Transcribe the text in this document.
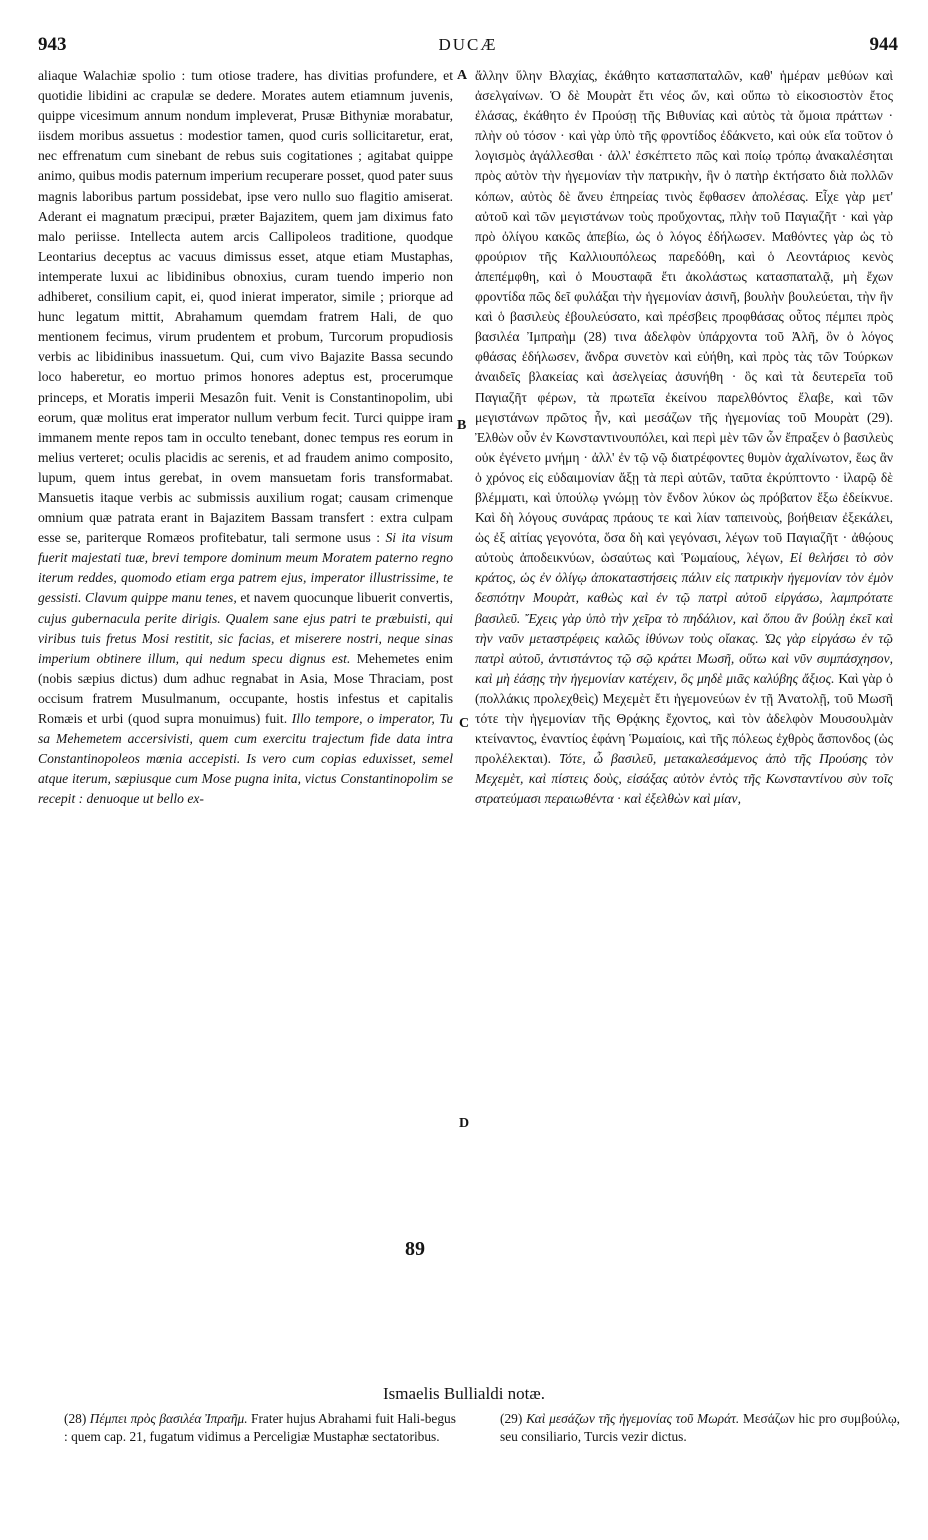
943	DUCÆ	944

aliaque Walachiæ spolio : tum otiose tradere, has divitias profundere, et quotidie libidini ac crapulæ se dedere. Morates autem etiamnum juvenis, quippe vicesimum annum nondum impleverat, Prusæ Bithyniæ morabatur, iisdem moribus assuetus : modestior tamen, quod curis sollicitaretur, erat, nec effrenatum cum sinebant de rebus suis cogitationes ; agitabat quippe animo, quibus modis paternum imperium recuperare posset, quod pater suus magnis laboribus partum possidebat, ipse vero nullo suo flagitio amiserat. Aderant ei magnatum præcipui, præter Bajazitem, quem jam diximus fato malo periisse. Intellecta autem arcis Callipoleos traditione, quodque Leontarius deceptus ac vacuus dimissus esset, atque etiam Mustaphas, intemperate luxui ac libidinibus obnoxius, curam tuendo imperio non adhiberet, consilium capit, ei, quod inierat imperator, simile ; priorque ad hunc legatum mittit, Abrahamum quemdam fratrem Hali, de quo mentionem fecimus, virum prudentem et probum, Turcorum propudiosis verbis ac libidinibus inassuetum. Qui, cum vivo Bajazite Bassa secundo loco haberetur, eo mortuo primos honores adeptus est, procerumque princeps, et Moratis imperii Mesazôn fuit. Venit is Constantinopolim, ubi eorum, quæ molitus erat imperator nullum verbum fecit. Turci quippe iram immanem mente repos tam in occulto tenebant, donec tempus res eorum in melius verteret; oculis placidis ac serenis, et ad fraudem animo composito, lupum, quem intus gerebat, in ovem mansuetam foris transformabat. Mansuetis itaque verbis ac submissis auxilium rogat; causam crimenque omnium quæ patrata erant in Bajazitem Bassam transfert : extra culpam esse se, pariterque Romæos profitebatur, tali sermone usus : Si ita visum fuerit majestati tuæ, brevi tempore dominum meum Moratem paterno regno iterum reddes, quomodo etiam erga patrem ejus, imperator illustrissime, te gessisti. Clavum quippe manu tenes, et navem quocunque libuerit convertis, cujus gubernacula perite dirigis. Qualem sane ejus patri te præbuisti, qui viribus tuis fretus Mosi restitit, sic facias, et miserere nostri, neque sinas imperium obtinere illum, qui nedum specu dignus est. Mehemetes enim (nobis sæpius dictus) dum adhuc regnabat in Asia, Mose Thraciam, post occisum fratrem Musulmanum, occupante, hostis infestus et capitalis Romæis et urbi (quod supra monuimus) fuit. Illo tempore, o imperator, Tu sa Mehemetem accersivisti, quem cum exercitu trajectum fide data intra Constantinopoleos mœnia accepisti. Is vero cum copias eduxisset, semel atque iterum, sæpiusque cum Mose pugna inita, victus Constantinopolim se recepit : denuoque ut bello ex-

A
B
C
D
89

ἄλλην ὕλην Βλαχίας, ἐκάθητο κατασπαταλῶν, καθ' ἡμέραν μεθύων καὶ ἀσελγαίνων. Ὁ δὲ Μουρὰτ ἔτι νέος ὤν, καὶ οὔπω τὸ εἰκοσιοστὸν ἔτος ἐλάσας, ἐκάθητο ἐν Προύσῃ τῆς Βιθυνίας καὶ αὐτὸς τὰ ὅμοια πράττων · πλὴν οὐ τόσον · καὶ γὰρ ὑπὸ τῆς φροντίδος ἐδάκνετο, καὶ οὐκ εἴα τοῦτον ὁ λογισμὸς ἀγάλλεσθαι · ἀλλ' ἐσκέπτετο πῶς καὶ ποίῳ τρόπῳ ἀνακαλέσηται πρὸς αὐτὸν τὴν ἡγεμονίαν τὴν πατρικὴν, ἣν ὁ πατὴρ ἐκτήσατο διὰ πολλῶν κόπων, αὐτὸς δὲ ἄνευ ἐπηρείας τινὸς ἔφθασεν ἀπολέσας. Εἶχε γὰρ μετ' αὐτοῦ καὶ τῶν μεγιστάνων τοὺς προὔχοντας, πλὴν τοῦ Παγιαζῆτ · καὶ γὰρ πρὸ ὀλίγου κακῶς ἀπεβίω, ὡς ὁ λόγος ἐδήλωσεν. Μαθόντες γὰρ ὡς τὸ φρούριον τῆς Καλλιουπόλεως παρεδόθη, καὶ ὁ Λεοντάριος κενὸς ἀπεπέμφθη, καὶ ὁ Μουσταφᾶ ἔτι ἀκολάστως κατασπαταλᾷ, μὴ ἔχων φροντίδα πῶς δεῖ φυλάξαι τὴν ἡγεμονίαν ἀσινῆ, βουλὴν βουλεύεται, τὴν ἣν καὶ ὁ βασιλεὺς ἐβουλεύσατο, καὶ πρέσβεις προφθάσας οὗτος πέμπει πρὸς βασιλέα Ἰμπραὴμ (28) τινα ἀδελφὸν ὑπάρχοντα τοῦ Ἀλῆ, ὃν ὁ λόγος φθάσας ἐδήλωσεν, ἄνδρα συνετὸν καὶ εὐήθη, καὶ πρὸς τὰς τῶν Τούρκων ἀναιδεῖς βλακείας καὶ ἀσελγείας ἀσυνήθη · ὃς καὶ τὰ δευτερεῖα τοῦ Παγιαζῆτ φέρων, τὰ πρωτεῖα ἐκείνου παρελθόντος ἔλαβε, καὶ τῶν μεγιστάνων πρῶτος ἦν, καὶ μεσάζων τῆς ἡγεμονίας τοῦ Μουρὰτ (29). Ἐλθὼν οὖν ἐν Κωνσταντινουπόλει, καὶ περὶ μὲν τῶν ὧν ἔπραξεν ὁ βασιλεὺς οὐκ ἐγένετο μνήμη · ἀλλ' ἐν τῷ νῷ διατρέφοντες θυμὸν ἀχαλίνωτον, ἕως ἂν ὁ χρόνος εἰς εὐδαιμονίαν ἄξῃ τὰ περὶ αὐτῶν, ταῦτα ἐκρύπτοντο · ἱλαρῷ δὲ βλέμματι, καὶ ὑπούλῳ γνώμῃ τὸν ἔνδον λύκον ὡς πρόβατον ἔξω ἐδείκνυε. Καὶ δὴ λόγους συνάρας πράους τε καὶ λίαν ταπεινοὺς, βοήθειαν ἐξεκάλει, ὡς ἐξ αἰτίας γεγονότα, ὅσα δὴ καὶ γεγόνασι, λέγων τοῦ Παγιαζῆτ · ἀθῴους αὐτοὺς ἀποδεικνύων, ὡσαύτως καὶ Ῥωμαίους, λέγων, Εἰ θελήσει τὸ σὸν κράτος, ὡς ἐν ὀλίγῳ ἀποκαταστήσεις πάλιν εἰς πατρικὴν ἡγεμονίαν τὸν ἐμὸν δεσπότην Μουρὰτ, καθὼς καὶ ἐν τῷ πατρὶ αὐτοῦ εἰργάσω, λαμπρότατε βασιλεῦ. Ἔχεις γὰρ ὑπὸ τὴν χεῖρα τὸ πηδάλιον, καὶ ὅπου ἂν βούλῃ ἐκεῖ καὶ τὴν ναῦν μεταστρέφεις καλῶς ἰθύνων τοὺς οἴακας. Ὡς γὰρ εἰργάσω ἐν τῷ πατρὶ αὐτοῦ, ἀντιστάντος τῷ σῷ κράτει Μωσῆ, οὕτω καὶ νῦν συμπάσχησον, καὶ μὴ ἐάσῃς τὴν ἡγεμονίαν κατέχειν, ὃς μηδὲ μιᾶς καλύβης ἄξιος. Καὶ γὰρ ὁ (πολλάκις προλεχθεὶς) Μεχεμὲτ ἔτι ἡγεμονεύων ἐν τῇ Ἀνατολῇ, τοῦ Μωσῆ τότε τὴν ἡγεμονίαν τῆς Θρᾴκης ἔχοντος, καὶ τὸν ἀδελφὸν Μουσουλμὰν κτείναντος, ἐναντίος ἐφάνη Ῥωμαίοις, καὶ τῆς πόλεως ἐχθρὸς ἄσπονδος (ὡς προλέλεκται). Τότε, ὦ βασιλεῦ, μετακαλεσάμενος ἀπὸ τῆς Προύσης τὸν Μεχεμὲτ, καὶ πίστεις δοὺς, εἰσάξας αὐτὸν ἐντὸς τῆς Κωνσταντίνου σὺν τοῖς στρατεύμασι περαιωθέντα · καὶ ἐξελθὼν καὶ μίαν,

Ismaelis Bullialdi notæ.
(28) Πέμπει πρὸς βασιλέα Ἰπραῆμ. Frater hujus Abrahami fuit Hali-begus : quem cap. 21, fugatum vidimus a Perceligiæ Mustaphæ sectatoribus.
(29) Καὶ μεσάζων τῆς ἡγεμονίας τοῦ Μωράτ. Μεσάζων hic pro συμβούλῳ, seu consiliario, Turcis vezir dictus.
